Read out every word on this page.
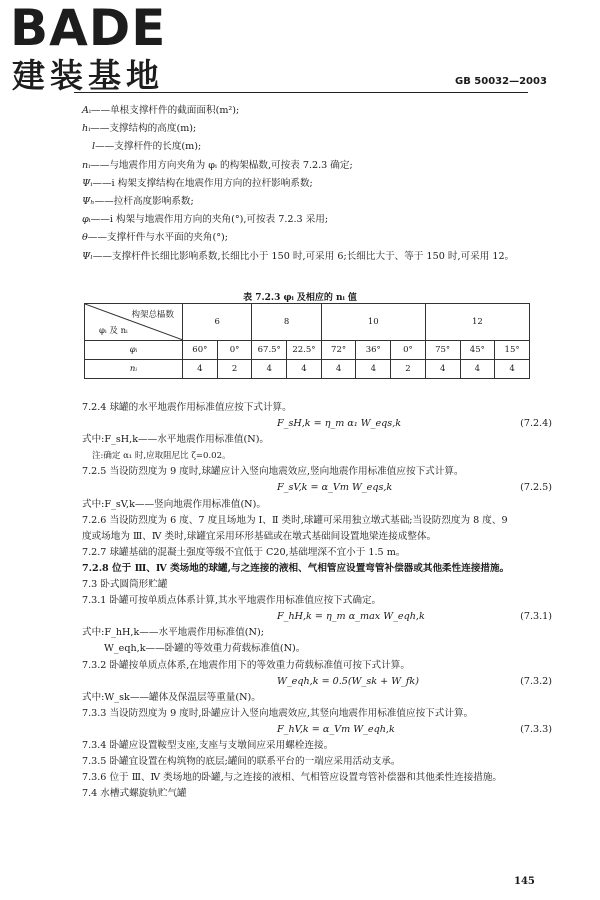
BADE
建装基地	GB 50032—2003
Aᵢ——单根支撑杆件的截面面积(m²);
hᵢ——支撑结构的高度(m);
l——支撑杆件的长度(m);
nᵢ——与地震作用方向夹角为 φᵢ 的构架榀数,可按表 7.2.3 确定;
Ψᵢ——i 构架支撑结构在地震作用方向的拉杆影响系数;
Ψₕ——拉杆高度影响系数;
φᵢ——i 构架与地震作用方向的夹角(°),可按表 7.2.3 采用;
θ——支撑杆件与水平面的夹角(°);
Ψₗ——支撑杆件长细比影响系数,长细比小于 150 时,可采用 6;长细比大于、等于 150 时,可采用 12。
表 7.2.3 φᵢ 及相应的 nᵢ 值
构架总榀数
φᵢ 及 nᵢ	6		8		10			12		
φᵢ	60°	0°	67.5°	22.5°	72°	36°	0°	75°	45°	15°
nᵢ	4	2	4	4	4	4	2	4	4	4
7.2.4 球罐的水平地震作用标准值应按下式计算。
F_sH,k = η_m α₁ W_eqs,k	(7.2.4)
式中:F_sH,k——水平地震作用标准值(N)。
注:确定 α₁ 时,应取阻尼比 ζ=0.02。
7.2.5 当设防烈度为 9 度时,球罐应计入竖向地震效应,竖向地震作用标准值应按下式计算。
F_sV,k = α_Vm W_eqs,k	(7.2.5)
式中:F_sV,k——竖向地震作用标准值(N)。
7.2.6 当设防烈度为 6 度、7 度且场地为 Ⅰ、Ⅱ 类时,球罐可采用独立墩式基础;当设防烈度为 8 度、9
度或场地为 Ⅲ、Ⅳ 类时,球罐宜采用环形基础或在墩式基础间设置地梁连接成整体。
7.2.7 球罐基础的混凝土强度等级不宜低于 C20,基础埋深不宜小于 1.5 m。
7.2.8 位于 Ⅲ、Ⅳ 类场地的球罐,与之连接的液相、气相管应设置弯管补偿器或其他柔性连接措施。
7.3 卧式圆筒形贮罐
7.3.1 卧罐可按单质点体系计算,其水平地震作用标准值应按下式确定。
F_hH,k = η_m α_max W_eqh,k	(7.3.1)
式中:F_hH,k——水平地震作用标准值(N);
W_eqh,k——卧罐的等效重力荷载标准值(N)。
7.3.2 卧罐按单质点体系,在地震作用下的等效重力荷载标准值可按下式计算。
W_eqh,k = 0.5(W_sk + W_fk)	(7.3.2)
式中:W_sk——罐体及保温层等重量(N)。
7.3.3 当设防烈度为 9 度时,卧罐应计入竖向地震效应,其竖向地震作用标准值应按下式计算。
F_hV,k = α_Vm W_eqh,k	(7.3.3)
7.3.4 卧罐应设置鞍型支座,支座与支墩间应采用螺栓连接。
7.3.5 卧罐宜设置在构筑物的底层;罐间的联系平台的一端应采用活动支承。
7.3.6 位于 Ⅲ、Ⅳ 类场地的卧罐,与之连接的液相、气相管应设置弯管补偿器和其他柔性连接措施。
7.4 水槽式螺旋轨贮气罐
145
